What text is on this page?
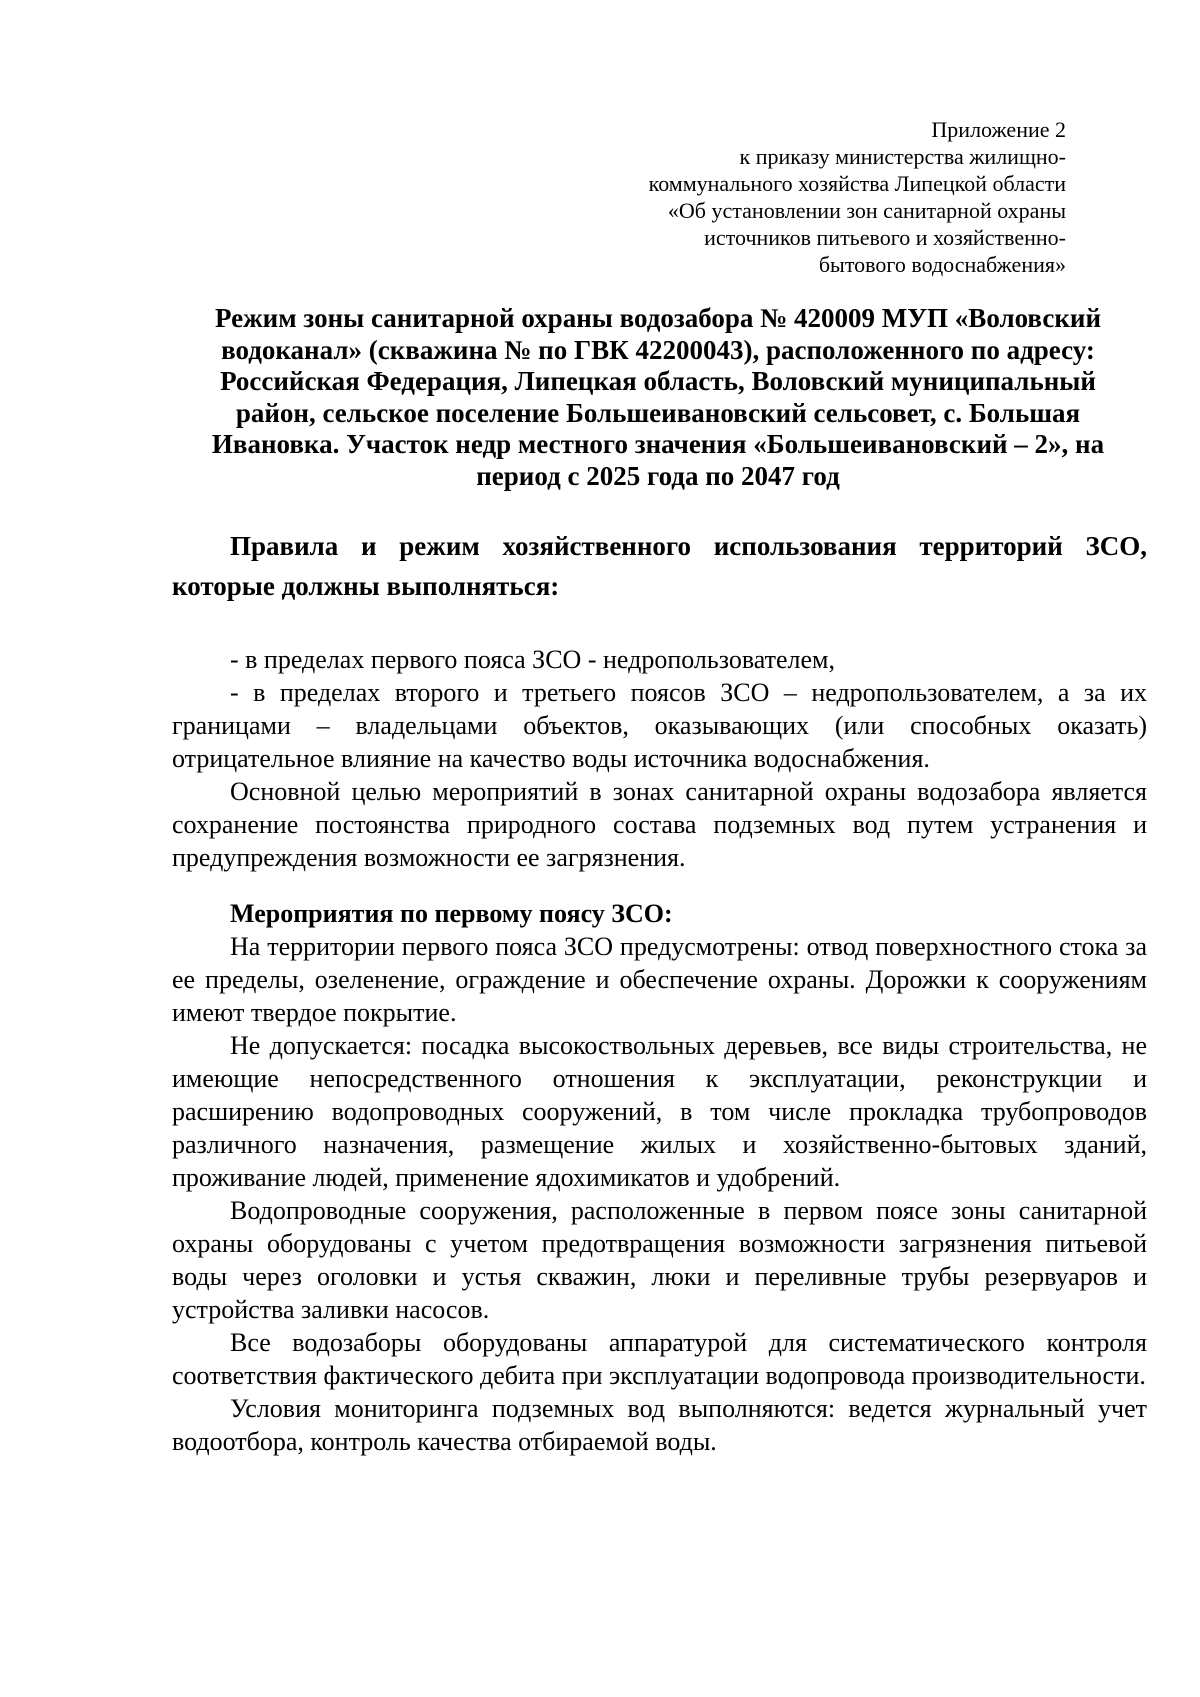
Приложение 2
к приказу министерства жилищно-
коммунального хозяйства Липецкой области
«Об установлении зон санитарной охраны
источников питьевого и хозяйственно-
бытового водоснабжения»
Режим зоны санитарной охраны водозабора № 420009 МУП «Воловский
водоканал» (скважина № по ГВК 42200043), расположенного по адресу:
Российская Федерация, Липецкая область, Воловский муниципальный
район, сельское поселение Большеивановский сельсовет, с. Большая
Ивановка. Участок недр местного значения «Большеивановский – 2», на
период с 2025 года по 2047 год
Правила и режим хозяйственного использования территорий ЗСО, которые должны выполняться:

- в пределах первого пояса ЗСО - недропользователем,

- в пределах второго и третьего поясов ЗСО – недропользователем, а за их границами – владельцами объектов, оказывающих (или способных оказать) отрицательное влияние на качество воды источника водоснабжения.

Основной целью мероприятий в зонах санитарной охраны водозабора является сохранение постоянства природного состава подземных вод путем устранения и предупреждения возможности ее загрязнения.

Мероприятия по первому поясу ЗСО:

На территории первого пояса ЗСО предусмотрены: отвод поверхностного стока за ее пределы, озеленение, ограждение и обеспечение охраны. Дорожки к сооружениям имеют твердое покрытие.

Не допускается: посадка высокоствольных деревьев, все виды строительства, не имеющие непосредственного отношения к эксплуатации, реконструкции и расширению водопроводных сооружений, в том числе прокладка трубопроводов различного назначения, размещение жилых и хозяйственно-бытовых зданий, проживание людей, применение ядохимикатов и удобрений.

Водопроводные сооружения, расположенные в первом поясе зоны санитарной охраны оборудованы с учетом предотвращения возможности загрязнения питьевой воды через оголовки и устья скважин, люки и переливные трубы резервуаров и устройства заливки насосов.

Все водозаборы оборудованы аппаратурой для систематического контроля соответствия фактического дебита при эксплуатации водопровода производительности.

Условия мониторинга подземных вод выполняются: ведется журнальный учет водоотбора, контроль качества отбираемой воды.
